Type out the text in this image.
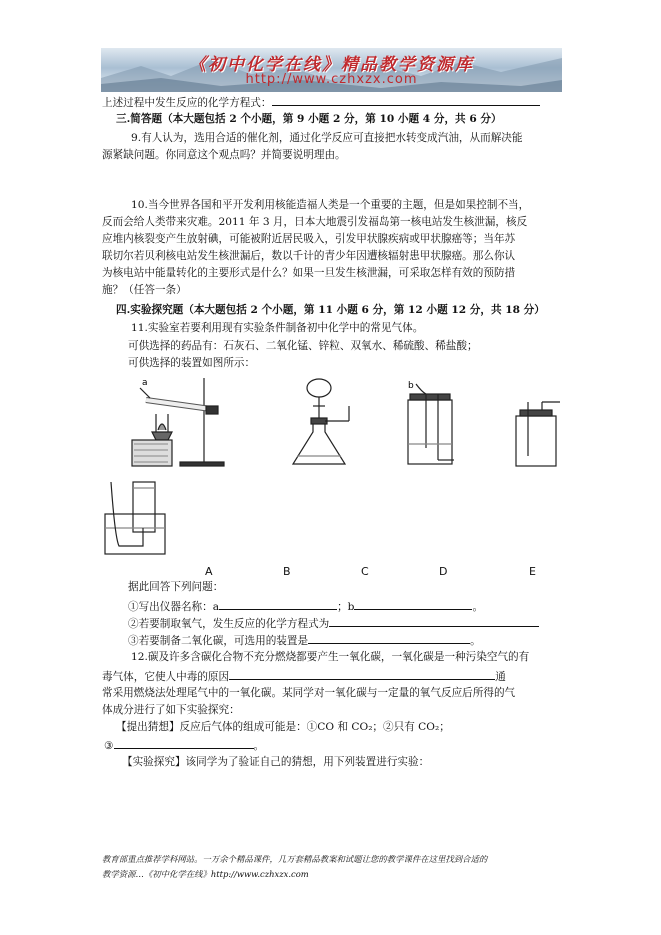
《初中化学在线》精品教学资源库
http://www.czhxzx.com
上述过程中发生反应的化学方程式：
三.简答题（本大题包括 2 个小题，第 9 小题 2 分，第 10 小题 4 分，共 6 分）
9.有人认为，选用合适的催化剂，通过化学反应可直接把水转变成汽油，从而解决能
源紧缺问题。你同意这个观点吗？并简要说明理由。
10.当今世界各国和平开发利用核能造福人类是一个重要的主题，但是如果控制不当，
反而会给人类带来灾难。2011 年 3 月，日本大地震引发福岛第一核电站发生核泄漏，核反
应堆内核裂变产生放射碘，可能被附近居民吸入，引发甲状腺疾病或甲状腺癌等；当年苏
联切尔若贝利核电站发生核泄漏后，数以千计的青少年因遭核辐射患甲状腺癌。那么你认
为核电站中能量转化的主要形式是什么？如果一旦发生核泄漏，可采取怎样有效的预防措
施？（任答一条）
四.实验探究题（本大题包括 2 个小题，第 11 小题 6 分，第 12 小题 12 分，共 18 分）
11.实验室若要利用现有实验条件制备初中化学中的常见气体。
可供选择的药品有：石灰石、二氧化锰、锌粒、双氧水、稀硫酸、稀盐酸；
可供选择的装置如图所示：
a	b
A	B	C	D	E
据此回答下列问题：
①写出仪器名称：a	；b	。
②若要制取氧气，发生反应的化学方程式为
③若要制备二氧化碳，可选用的装置是	。
12.碳及许多含碳化合物不充分燃烧都要产生一氧化碳，一氧化碳是一种污染空气的有
毒气体，它使人中毒的原因	通
常采用燃烧法处理尾气中的一氧化碳。某同学对一氧化碳与一定量的氧气反应后所得的气
体成分进行了如下实验探究：
【提出猜想】反应后气体的组成可能是：①CO 和 CO₂；②只有 CO₂；
③	。
【实验探究】该同学为了验证自己的猜想，用下列装置进行实验：
教育部重点推荐学科网站。一万余个精品课件，几万套精品教案和试题让您的教学课件在这里找到合适的
教学资源…《初中化学在线》http://www.czhxzx.com
